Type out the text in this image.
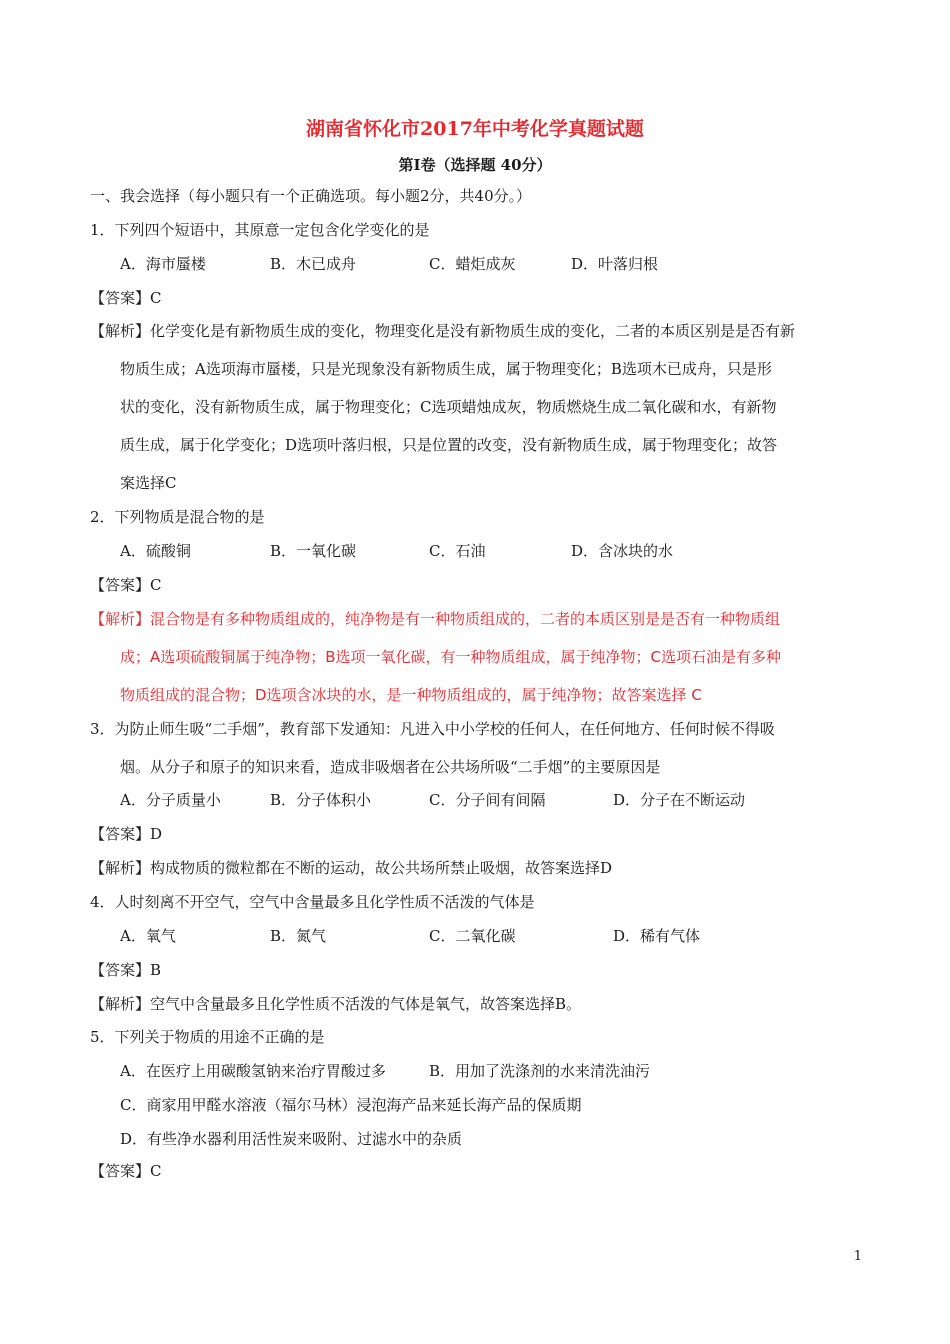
湖南省怀化市2017年中考化学真题试题
第Ⅰ卷（选择题 40分）
一、我会选择（每小题只有一个正确选项。每小题2分，共40分。）
1．下列四个短语中，其原意一定包含化学变化的是
A．海市蜃楼	B．木已成舟	C．蜡炬成灰	D．叶落归根
【答案】C
【解析】化学变化是有新物质生成的变化，物理变化是没有新物质生成的变化，二者的本质区别是是否有新
物质生成；A选项海市蜃楼，只是光现象没有新物质生成，属于物理变化；B选项木已成舟，只是形
状的变化，没有新物质生成，属于物理变化；C选项蜡烛成灰，物质燃烧生成二氧化碳和水，有新物
质生成，属于化学变化；D选项叶落归根，只是位置的改变，没有新物质生成，属于物理变化；故答
案选择C
2．下列物质是混合物的是
A．硫酸铜	B．一氧化碳	C．石油	D．含冰块的水
【答案】C
【解析】混合物是有多种物质组成的，纯净物是有一种物质组成的，二者的本质区别是是否有一种物质组
成；A选项硫酸铜属于纯净物；B选项一氧化碳，有一种物质组成，属于纯净物；C选项石油是有多种
物质组成的混合物；D选项含冰块的水，是一种物质组成的，属于纯净物；故答案选择 C
3．为防止师生吸“二手烟”，教育部下发通知：凡进入中小学校的任何人，在任何地方、任何时候不得吸
烟。从分子和原子的知识来看，造成非吸烟者在公共场所吸“二手烟”的主要原因是
A．分子质量小	B．分子体积小	C．分子间有间隔	D．分子在不断运动
【答案】D
【解析】构成物质的微粒都在不断的运动，故公共场所禁止吸烟，故答案选择D
4．人时刻离不开空气，空气中含量最多且化学性质不活泼的气体是
A．氧气	B．氮气	C．二氧化碳	D．稀有气体
【答案】B
【解析】空气中含量最多且化学性质不活泼的气体是氧气，故答案选择B。
5．下列关于物质的用途不正确的是
A．在医疗上用碳酸氢钠来治疗胃酸过多	B．用加了洗涤剂的水来清洗油污
C．商家用甲醛水溶液（福尔马林）浸泡海产品来延长海产品的保质期
D．有些净水器利用活性炭来吸附、过滤水中的杂质
【答案】C
1
